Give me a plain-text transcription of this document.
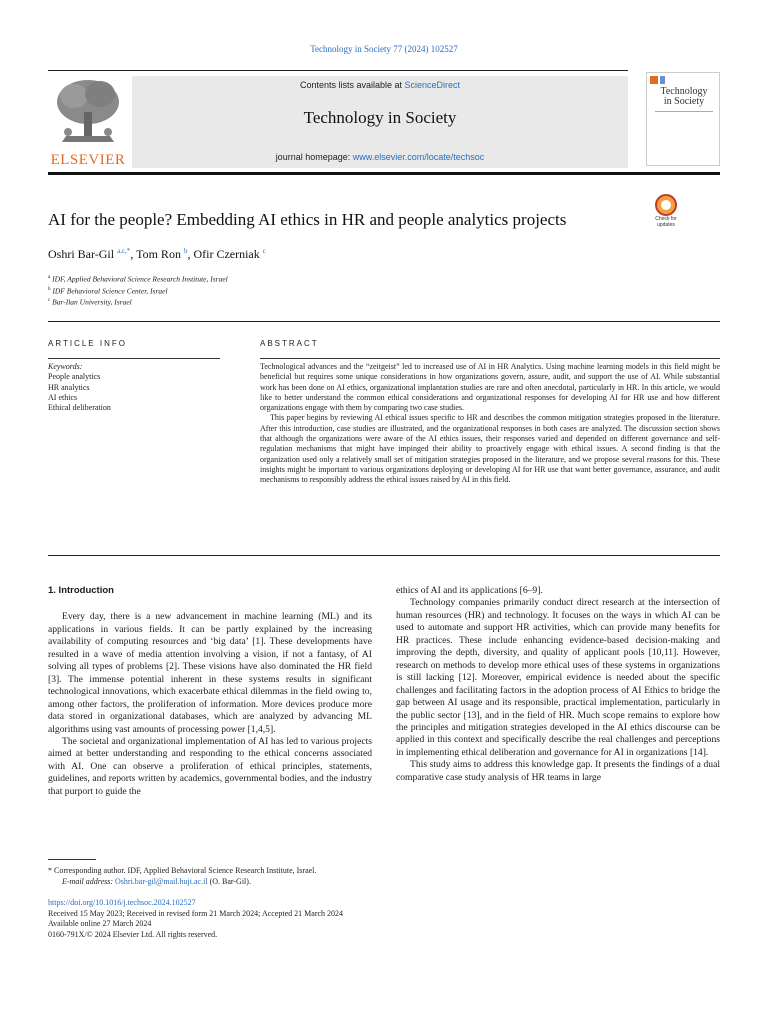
Technology in Society 77 (2024) 102527
ELSEVIER
Contents lists available at ScienceDirect
Technology in Society
journal homepage: www.elsevier.com/locate/techsoc
Technology
in Society
Check for
updates
AI for the people? Embedding AI ethics in HR and people analytics projects
Oshri Bar-Gil $^{a,c,*}$, Tom Ron $^b$, Ofir Czerniak $^c$
$^a$ IDF, Applied Behavioral Science Research Institute, Israel
$^b$ IDF Behavioral Science Center, Israel
$^c$ Bar-Ilan University, Israel
ARTICLE INFO	ABSTRACT
Keywords:
People analytics
HR analytics
AI ethics
Ethical deliberation

Technological advances and the “zeitgeist” led to increased use of AI in HR Analytics. Using machine learning models in this field might be beneficial but requires some unique considerations in how organizations govern, assure, audit, and support the use of AI. While substantial work has been done on AI ethics, organizational implantation studies are rare and often anecdotal, particularly in HR. In this article, we would like to better understand the common ethical considerations and organizational responses for developing AI for HR use and how different organizations engage with them by comparing two case studies.

This paper begins by reviewing AI ethical issues specific to HR and describes the common mitigation strategies proposed in the literature. After this introduction, case studies are illustrated, and the organizational responses in both cases are analyzed. The discussion section shows that although the organizations were aware of the AI ethics issues, their responses varied and depended on different governance and self-regulation mechanisms that might have impinged their ability to proactively engage with ethical issues. A second finding is that the organization used only a relatively small set of mitigation strategies proposed in the literature, and we propose several reasons for this. These insights might be important to various organizations deploying or developing AI for HR use that want better governance, assurance, and audit mechanisms to responsibly address the ethical issues raised by AI in this field.

1. Introduction

Every day, there is a new advancement in machine learning (ML) and its applications in various fields. It can be partly explained by the increasing availability of computing resources and ‘big data’ [1]. These developments have resulted in a wave of media attention involving a vision, if not a fantasy, of AI solving all types of problems [2]. These visions have also dominated the HR field [3]. The immense potential inherent in these systems results in significant technological innovations, which exacerbate ethical dilemmas in the field owing to, among other factors, the proliferation of information. More devices produce more data stored in organizational databases, which are analyzed by advancing ML algorithms using vast amounts of processing power [1,4,5].

The societal and organizational implementation of AI has led to various projects aimed at better understanding and responding to the ethical concerns associated with AI. One can observe a proliferation of ethical principles, statements, guidelines, and reports written by academics, governmental bodies, and the industry that purport to guide the

ethics of AI and its applications [6–9].

Technology companies primarily conduct direct research at the intersection of human resources (HR) and technology. It focuses on the ways in which AI can be used to automate and support HR activities, which can provide many benefits for HR practices. These include enhancing evidence-based decision-making and improving the depth, diversity, and quality of applicant pools [10,11]. However, research on methods to develop more ethical uses of these systems in organizations is still lacking [12]. Moreover, empirical evidence is needed about the specific challenges and facilitating factors in the adoption process of AI Ethics to bridge the gap between AI usage and its responsible, practical implementation, particularly in the public sector [13], and in the field of HR. Much scope remains to explore how the principles and mitigation strategies developed in the AI ethics discourse can be applied in this context and specifically describe the real challenges and perceptions in implementing ethical deliberation and governance for AI in organizations [14].

This study aims to address this knowledge gap. It presents the findings of a dual comparative case study analysis of HR teams in large

* Corresponding author. IDF, Applied Behavioral Science Research Institute, Israel.
E-mail address: Oshri.bar-gil@mail.huji.ac.il (O. Bar-Gil).
https://doi.org/10.1016/j.techsoc.2024.102527
Received 15 May 2023; Received in revised form 21 March 2024; Accepted 21 March 2024
Available online 27 March 2024
0160-791X/© 2024 Elsevier Ltd. All rights reserved.
